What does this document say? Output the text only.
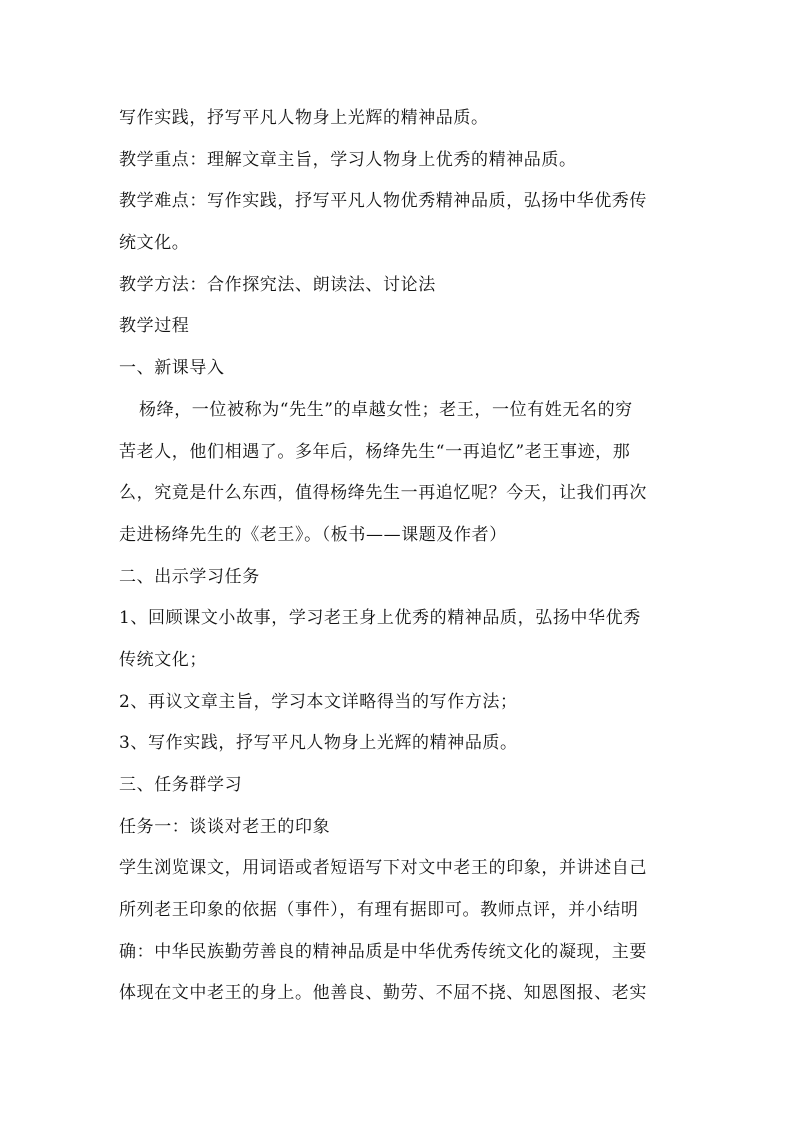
写作实践，抒写平凡人物身上光辉的精神品质。
教学重点：理解文章主旨，学习人物身上优秀的精神品质。
教学难点：写作实践，抒写平凡人物优秀精神品质，弘扬中华优秀传
统文化。
教学方法：合作探究法、朗读法、讨论法
教学过程
一、新课导入
杨绛，一位被称为“先生”的卓越女性；老王，一位有姓无名的穷
苦老人，他们相遇了。多年后，杨绛先生“一再追忆”老王事迹，那
么，究竟是什么东西，值得杨绛先生一再追忆呢？今天，让我们再次
走进杨绛先生的《老王》。（板书——课题及作者）
二、出示学习任务
1、回顾课文小故事，学习老王身上优秀的精神品质，弘扬中华优秀
传统文化；
2、再议文章主旨，学习本文详略得当的写作方法；
3、写作实践，抒写平凡人物身上光辉的精神品质。
三、任务群学习
任务一：谈谈对老王的印象
学生浏览课文，用词语或者短语写下对文中老王的印象，并讲述自己
所列老王印象的依据（事件），有理有据即可。教师点评，并小结明
确：中华民族勤劳善良的精神品质是中华优秀传统文化的凝现，主要
体现在文中老王的身上。他善良、勤劳、不屈不挠、知恩图报、老实
